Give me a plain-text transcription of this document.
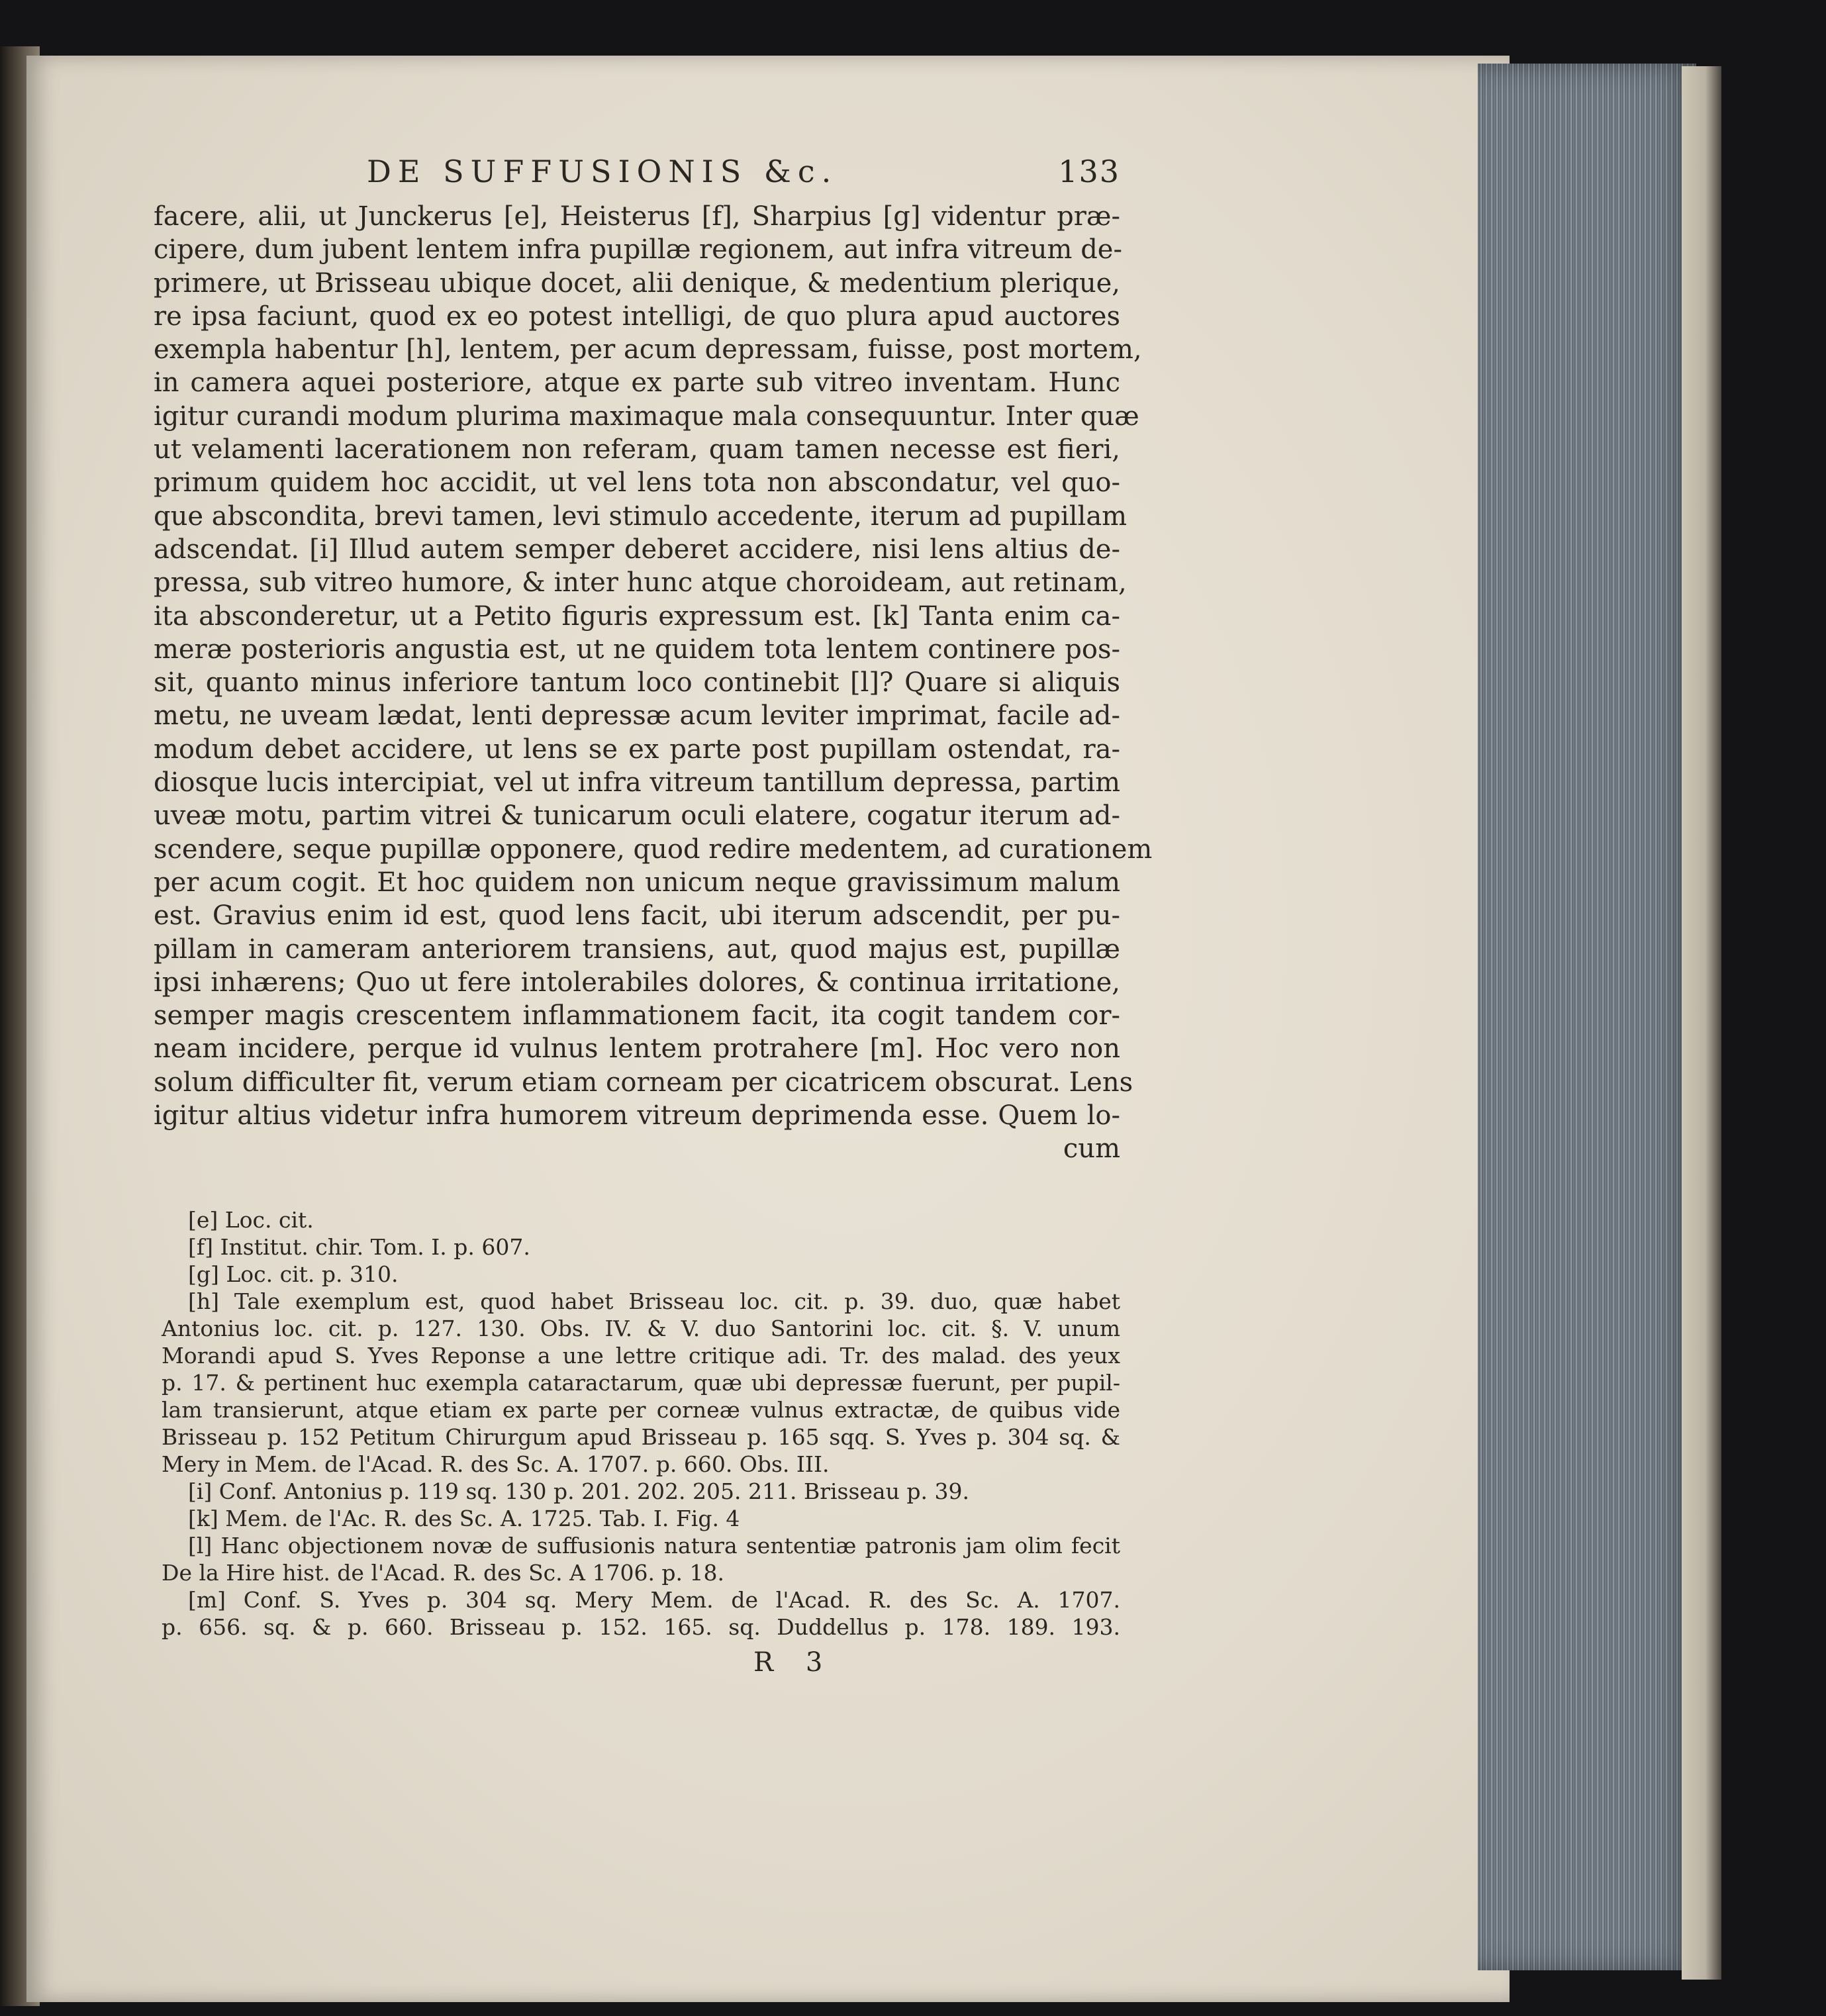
DE SUFFUSIONIS &c.	133
facere, alii, ut Junckerus [e], Heisterus [f], Sharpius [g] videntur præ-
cipere, dum jubent lentem infra pupillæ regionem, aut infra vitreum de-
primere, ut Brisseau ubique docet, alii denique, & medentium plerique,
re ipsa faciunt, quod ex eo potest intelligi, de quo plura apud auctores
exempla habentur [h], lentem, per acum depressam, fuisse, post mortem,
in camera aquei posteriore, atque ex parte sub vitreo inventam. Hunc
igitur curandi modum plurima maximaque mala consequuntur. Inter quæ
ut velamenti lacerationem non referam, quam tamen necesse est fieri,
primum quidem hoc accidit, ut vel lens tota non abscondatur, vel quo-
que abscondita, brevi tamen, levi stimulo accedente, iterum ad pupillam
adscendat. [i] Illud autem semper deberet accidere, nisi lens altius de-
pressa, sub vitreo humore, & inter hunc atque choroideam, aut retinam,
ita absconderetur, ut a Petito figuris expressum est. [k] Tanta enim ca-
meræ posterioris angustia est, ut ne quidem tota lentem continere pos-
sit, quanto minus inferiore tantum loco continebit [l]? Quare si aliquis
metu, ne uveam lædat, lenti depressæ acum leviter imprimat, facile ad-
modum debet accidere, ut lens se ex parte post pupillam ostendat, ra-
diosque lucis intercipiat, vel ut infra vitreum tantillum depressa, partim
uveæ motu, partim vitrei & tunicarum oculi elatere, cogatur iterum ad-
scendere, seque pupillæ opponere, quod redire medentem, ad curationem
per acum cogit. Et hoc quidem non unicum neque gravissimum malum
est. Gravius enim id est, quod lens facit, ubi iterum adscendit, per pu-
pillam in cameram anteriorem transiens, aut, quod majus est, pupillæ
ipsi inhærens; Quo ut fere intolerabiles dolores, & continua irritatione,
semper magis crescentem inflammationem facit, ita cogit tandem cor-
neam incidere, perque id vulnus lentem protrahere [m]. Hoc vero non
solum difficulter fit, verum etiam corneam per cicatricem obscurat. Lens
igitur altius videtur infra humorem vitreum deprimenda esse. Quem lo-
cum
[e] Loc. cit.
[f] Institut. chir. Tom. I. p. 607.
[g] Loc. cit. p. 310.
[h] Tale exemplum est, quod habet Brisseau loc. cit. p. 39. duo, quæ habet
Antonius loc. cit. p. 127. 130. Obs. IV. & V. duo Santorini loc. cit. §. V. unum
Morandi apud S. Yves Reponse a une lettre critique adi. Tr. des malad. des yeux
p. 17. & pertinent huc exempla cataractarum, quæ ubi depressæ fuerunt, per pupil-
lam transierunt, atque etiam ex parte per corneæ vulnus extractæ, de quibus vide
Brisseau p. 152 Petitum Chirurgum apud Brisseau p. 165 sqq. S. Yves p. 304 sq. &
Mery in Mem. de l'Acad. R. des Sc. A. 1707. p. 660. Obs. III.
[i] Conf. Antonius p. 119 sq. 130 p. 201. 202. 205. 211. Brisseau p. 39.
[k] Mem. de l'Ac. R. des Sc. A. 1725. Tab. I. Fig. 4
[l] Hanc objectionem novæ de suffusionis natura sententiæ patronis jam olim fecit
De la Hire hist. de l'Acad. R. des Sc. A 1706. p. 18.
[m] Conf. S. Yves p. 304 sq. Mery Mem. de l'Acad. R. des Sc. A. 1707.
p. 656. sq. & p. 660. Brisseau p. 152. 165. sq. Duddellus p. 178. 189. 193.
R 3
